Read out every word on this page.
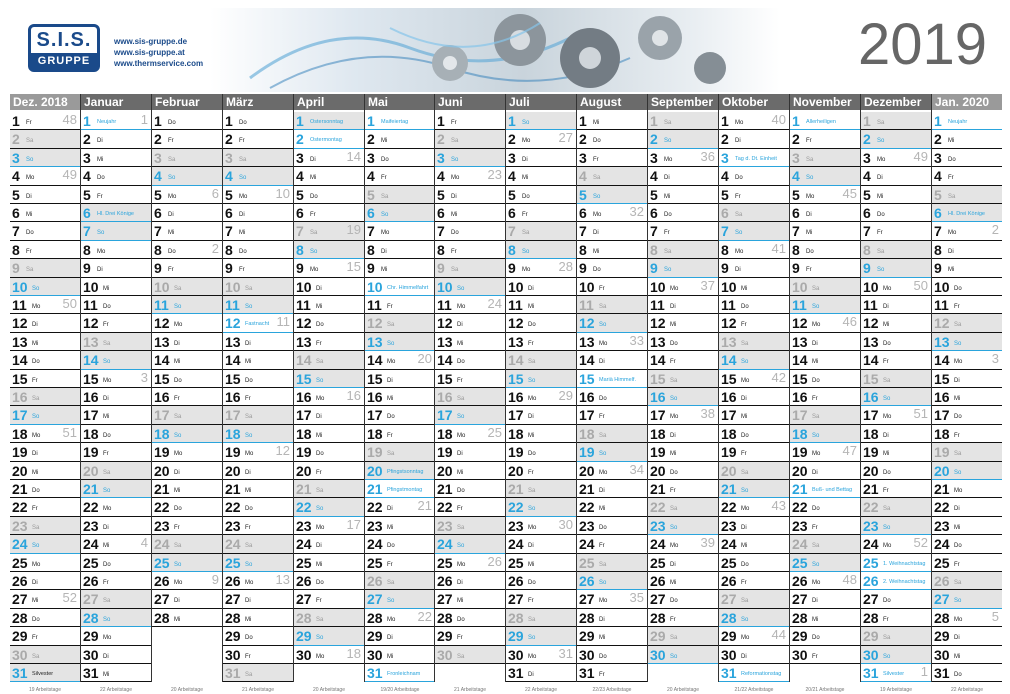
S.I.S.
GRUPPE
www.sis-gruppe.de
www.sis-gruppe.at
www.thermservice.com	2019
Dez. 2018
1 Fr 48
2 Sa
3 So
4 Mo 49
5 Di
6 Mi
7 Do
8 Fr
9 Sa
10 So
11 Mo 50
12 Di
13 Mi
14 Do
15 Fr
16 Sa
17 So
18 Mo 51
19 Di
20 Mi
21 Do
22 Fr
23 Sa
24 So
25 Mo
26 Di
27 Mi 52
28 Do
29 Fr
30 Sa
31 Silvester
19 Arbeitstage
Januar
1 Neujahr 1
2 Di
3 Mi
4 Do
5 Fr
6 Hl. Drei Könige
7 So
8 Mo
9 Di
10 Mi
11 Do
12 Fr
13 Sa
14 So
15 Mo 3
16 Di
17 Mi
18 Do
19 Fr
20 Sa
21 So
22 Mo
23 Di
24 Mi 4
25 Do
26 Fr
27 Sa
28 So
29 Mo
30 Di
31 Mi
22 Arbeitstage
Februar
1 Do
2 Fr
3 Sa
4 So
5 Mo	6
6 Di
7 Mi
8 Do	2
9 Fr
10 Sa
11 So
12 Mo
13 Di
14 Mi
15 Do
16 Fr
17 Sa
18 So
19 Mo
20 Di
21 Mi
22 Do
23 Fr
24 Sa
25 So
26 Mo 9
27 Di
28 Mi
20 Arbeitstage
März
1 Do
2 Fr
3 Sa
4 So
5 Mo 10
6 Di
7 Mi
8 Do
9 Fr
10 Sa
11 So
12 Fastnacht 11
13 Di
14 Mi
15 Do
16 Fr
17 Sa
18 So
19 Mo 12
20 Di
21 Mi
22 Do
23 Fr
24 Sa
25 So
26 Mo 13
27 Di
28 Mi
29 Do
30 Fr
31 Sa
21 Arbeitstage
April
1 Ostersonntag
2 Ostermontag
3 Di 14
4 Mi
5 Do
6 Fr
7 Sa 19
8 So
9 Mo 15
10 Di
11 Mi
12 Do
13 Fr
14 Sa
15 So
16 Mo 16
17 Di
18 Mi
19 Do
20 Fr
21 Sa
22 So
23 Mo 17
24 Di
25 Mi
26 Do
27 Fr
28 Sa
29 So
30 Mo 18
20 Arbeitstage
Mai
1 Maifeiertag
2 Mi
3 Do
4 Fr
5 Sa
6 So
7 Mo
8 Di
9 Mi
10 Chr. Himmelfahrt
11 Fr
12 Sa
13 So
14 Mo 20
15 Di
16 Mi
17 Do
18 Fr
19 Sa
20 Pfingstsonntag
21 Pfingstmontag
22 Di 21
23 Mi
24 Do
25 Fr
26 Sa
27 So
28 Mo 22
29 Di
30 Mi
31 Fronleichnam
19/20 Arbeitstage
Juni
1 Fr
2 Sa
3 So
4 Mo 23
5 Di
6 Mi
7 Do
8 Fr
9 Sa
10 So
11 Mo 24
12 Di
13 Mi
14 Do
15 Fr
16 Sa
17 So
18 Mo 25
19 Di
20 Mi
21 Do
22 Fr
23 Sa
24 So
25 Mo 26
26 Di
27 Mi
28 Do
29 Fr
30 Sa
21 Arbeitstage
Juli
1 So
2 Mo 27
3 Di
4 Mi
5 Do
6 Fr
7 Sa
8 So
9 Mo 28
10 Di
11 Mi
12 Do
13 Fr
14 Sa
15 So
16 Mo 29
17 Di
18 Mi
19 Do
20 Fr
21 Sa
22 So
23 Mo 30
24 Di
25 Mi
26 Do
27 Fr
28 Sa
29 So
30 Mo 31
31 Di
22 Arbeitstage
August
1 Mi
2 Do
3 Fr
4 Sa
5 So
6 Mo 32
7 Di
8 Mi
9 Do
10 Fr
11 Sa
12 So
13 Mo 33
14 Di
15 Mariä Himmelf.
16 Do
17 Fr
18 Sa
19 So
20 Mo 34
21 Di
22 Mi
23 Do
24 Fr
25 Sa
26 So
27 Mo 35
28 Di
29 Mi
30 Do
31 Fr
22/23 Arbeitstage
September
1 Sa
2 So
3 Mo 36
4 Di
5 Mi
6 Do
7 Fr
8 Sa
9 So
10 Mo 37
11 Di
12 Mi
13 Do
14 Fr
15 Sa
16 So
17 Mo 38
18 Di
19 Mi
20 Do
21 Fr
22 Sa
23 So
24 Mo 39
25 Di
26 Mi
27 Do
28 Fr
29 Sa
30 So
20 Arbeitstage
Oktober
1 Mo 40
2 Di
3 Tag d. Dt. Einheit
4 Do
5 Fr
6 Sa
7 So
8 Mo 41
9 Di
10 Mi
11 Do
12 Fr
13 Sa
14 So
15 Mo 42
16 Di
17 Mi
18 Do
19 Fr
20 Sa
21 So
22 Mo 43
23 Di
24 Mi
25 Do
26 Fr
27 Sa
28 So
29 Mo 44
30 Di
31 Reformationstag
21/22 Arbeitstage
November
1 Allerheiligen
2 Fr
3 Sa
4 So
5 Mo 45
6 Di
7 Mi
8 Do
9 Fr
10 Sa
11 So
12 Mo 46
13 Di
14 Mi
15 Do
16 Fr
17 Sa
18 So
19 Mo 47
20 Di
21 Buß- und Bettag
22 Do
23 Fr
24 Sa
25 So
26 Mo 48
27 Di
28 Mi
29 Do
30 Fr
20/21 Arbeitstage
Dezember
1 Sa
2 So
3 Mo 49
4 Di
5 Mi
6 Do
7 Fr
8 Sa
9 So
10 Mo 50
11 Di
12 Mi
13 Do
14 Fr
15 Sa
16 So
17 Mo 51
18 Di
19 Mi
20 Do
21 Fr
22 Sa
23 So
24 Mo 52
25 1. Weihnachtstag
26 2. Weihnachtstag
27 Do
28 Fr
29 Sa
30 So
31 Silvester 1
19 Arbeitstage
Jan. 2020
1 Neujahr
2 Mi
3 Do
4 Fr
5 Sa
6 Hl. Drei Könige
7 Mo	2
8 Di
9 Mi
10 Do
11 Fr
12 Sa
13 So
14 Mo 3
15 Di
16 Mi
17 Do
18 Fr
19 Sa
20 So
21 Mo
22 Di
23 Mi
24 Do
25 Fr
26 Sa
27 So
28 Mo 5
29 Di
30 Mi
31 Do
22 Arbeitstage
